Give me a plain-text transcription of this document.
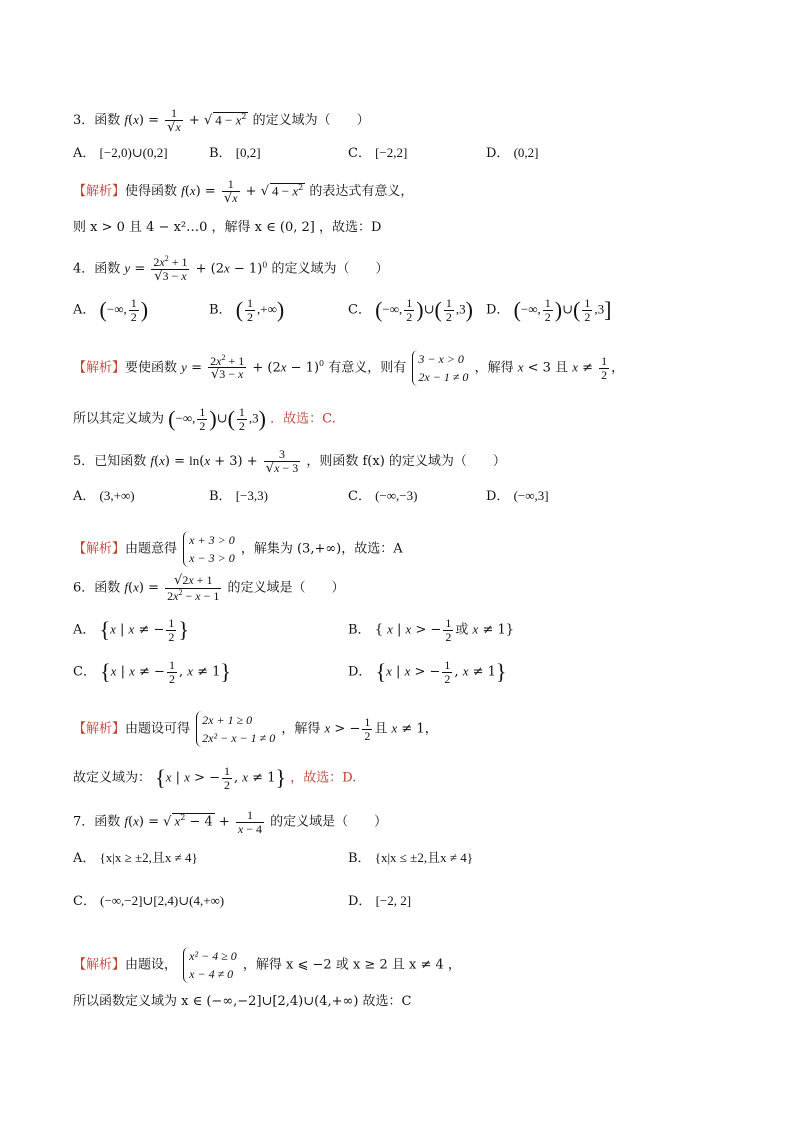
3．函数 $f(x) = \frac{1}{√x}$ + √ $4 - x^2$ 的定义域为（　　）
A． [−2,0)∪(0,2]	B． [0,2]	C． [−2,2]	D． (0,2]
【解析】使得函数 $f(x) = \frac{1}{√x}$ + √ $4 - x^2$ 的表达式有意义，
则 x > 0 且 4 − x²…0 ，解得 x ∈ (0, 2] ，故选：D
4．函数 $y = \frac{2x^2 + 1}{√3 - x} + (2x - 1)^0$ 的定义域为（　　）
A． (−∞, $\frac{1}{2}$ )	B． ( $\frac{1}{2}$ ,+∞)	C． (−∞, $\frac{1}{2}$ )∪( $\frac{1}{2} ,3$) D． (−∞, $\frac{1}{2}$ )∪( $\frac{1}{2} ,3$]
【解析】要使函数 $y = \frac{2x^2 + 1}{√3 - x} + (2x - 1)^0$ 有意义，则有 3 − x > 0
2x − 1 ≠ 0 ，解得 x < 3 且 $x \ne \frac{1}{2}$ ，
所以其定义域为 (−∞, $\frac{1}{2}$ )∪( $\frac{1}{2} ,3$) ．故选：C.
5．已知函数 $f(x) = \ln(x + 3) + \frac{3}{√x - 3}$ ，则函数 f(x) 的定义域为（　　）
A． (3,+∞)	B． [−3,3)	C． (−∞,−3)	D． (−∞,3]
【解析】由题意得 x + 3 > 0
x − 3 > 0 ，解集为 (3,+∞)，故选：A
6．函数 $f(x) = \frac{√2x + 1}{2x^2 - x - 1}$ 的定义域是（　　）
A． {x | x ≠ − $\frac{1}{2}$ }	B． { x | x > − $\frac{1}{2}$ 或 x ≠ 1}
C． {x | x ≠ − $\frac{1}{2}$ , x ≠ 1}	D． {x | x > − $\frac{1}{2}$ , x ≠ 1}
【解析】由题设可得 2x + 1 ≥ 0
2x² − x − 1 ≠ 0 ，解得 x > − $\frac{1}{2}$ 且 x ≠ 1，
故定义域为： {x | x > − $\frac{1}{2}$ , x ≠ 1} ，故选：D.
7．函数 f(x) = √ $x^2 - 4 + \frac{1}{x - 4}$ 的定义域是（　　）
A． {x|x ≥ ±2,且x ≠ 4}	B． {x|x ≤ ±2,且x ≠ 4}
C． (−∞,−2]∪[2,4)∪(4,+∞)	D． [−2, 2]
【解析】由题设， x² − 4 ≥ 0
x − 4 ≠ 0 ，解得 x ⩽ −2 或 x ≥ 2 且 x ≠ 4 ，
所以函数定义域为 x ∈ (−∞,−2]∪[2,4)∪(4,+∞) 故选：C
